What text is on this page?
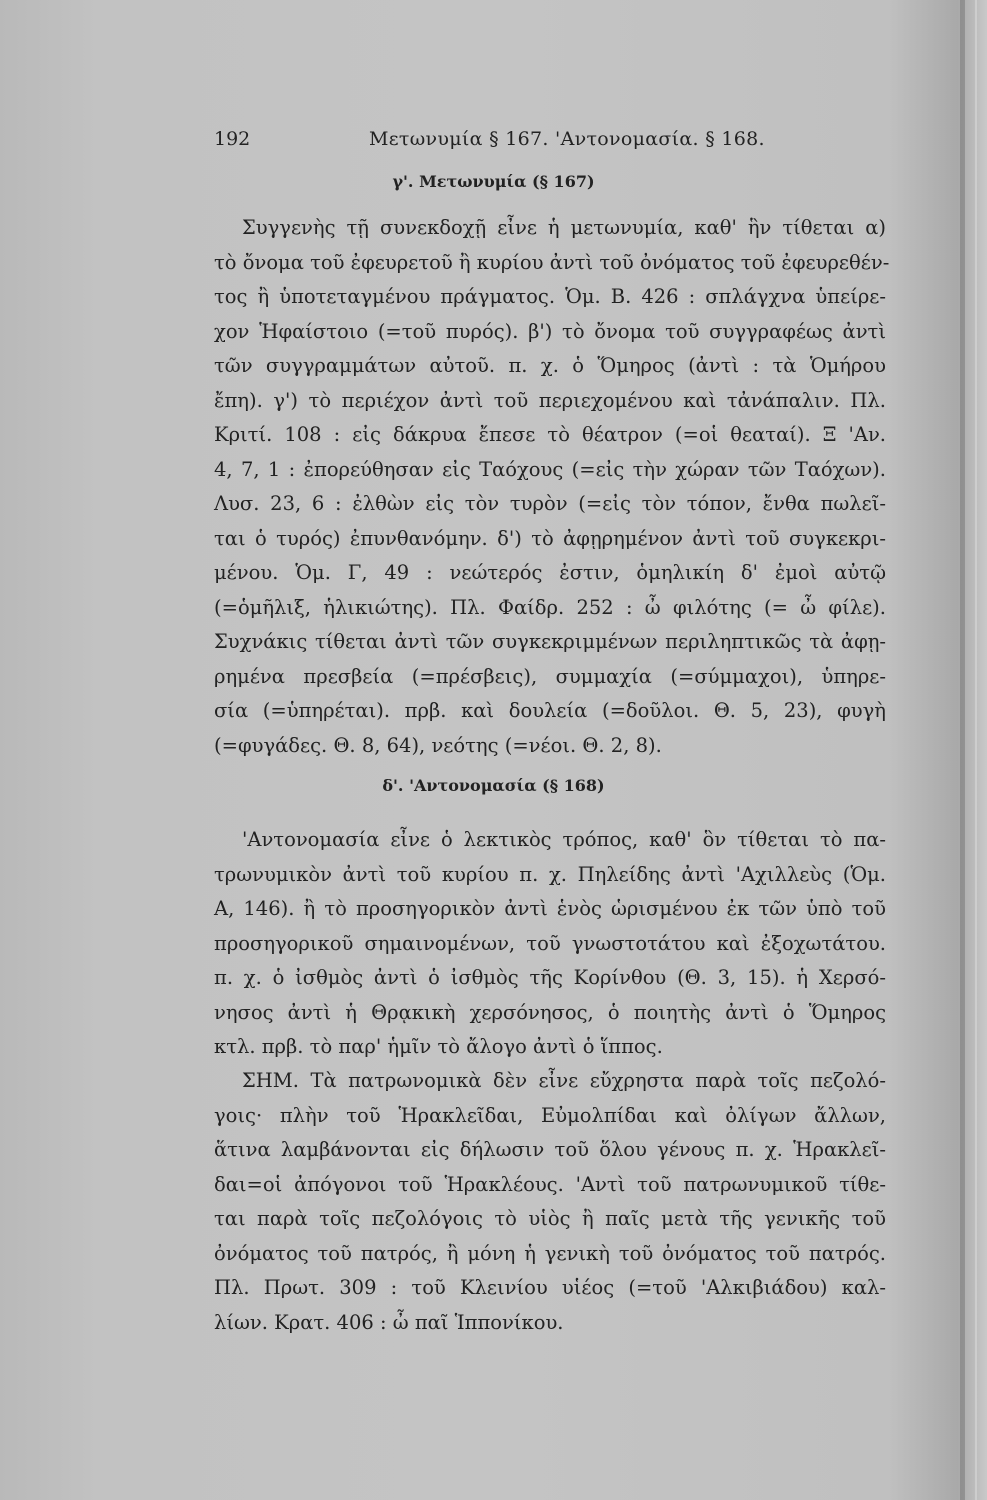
192	Μετωνυμία § 167. 'Αντονομασία. § 168.
γ'. Μετωνυμία (§ 167)
Συγγενὴς τῇ συνεκδοχῇ εἶνε ἡ μετωνυμία, καθ' ἣν τίθεται α)
τὸ ὄνομα τοῦ ἐφευρετοῦ ἢ κυρίου ἀντὶ τοῦ ὀνόματος τοῦ ἐφευρεθέν-
τος ἢ ὑποτεταγμένου πράγματος. Ὁμ. Β. 426 : σπλάγχνα ὑπείρε-
χον Ἡφαίστοιο (=τοῦ πυρός). β') τὸ ὄνομα τοῦ συγγραφέως ἀντὶ
τῶν συγγραμμάτων αὐτοῦ. π. χ. ὁ Ὅμηρος (ἀντὶ : τὰ Ὁμήρου
ἔπη). γ') τὸ περιέχον ἀντὶ τοῦ περιεχομένου καὶ τἀνάπαλιν. Πλ.
Κριτί. 108 : εἰς δάκρυα ἔπεσε τὸ θέατρον (=οἱ θεαταί). Ξ 'Αν.
4, 7, 1 : ἐπορεύθησαν εἰς Ταόχους (=εἰς τὴν χώραν τῶν Ταόχων).
Λυσ. 23, 6 : ἐλθὼν εἰς τὸν τυρὸν (=εἰς τὸν τόπον, ἔνθα πωλεῖ-
ται ὁ τυρός) ἐπυνθανόμην. δ') τὸ ἀφῃρημένον ἀντὶ τοῦ συγκεκρι-
μένου. Ὁμ. Γ, 49 : νεώτερός ἐστιν, ὁμηλικίη δ' ἐμοὶ αὐτῷ
(=ὁμῆλιξ, ἡλικιώτης). Πλ. Φαίδρ. 252 : ὦ φιλότης (= ὦ φίλε).
Συχνάκις τίθεται ἀντὶ τῶν συγκεκριμμένων περιληπτικῶς τὰ ἀφῃ-
ρημένα πρεσβεία (=πρέσβεις), συμμαχία (=σύμμαχοι), ὑπηρε-
σία (=ὑπηρέται). πρβ. καὶ δουλεία (=δοῦλοι. Θ. 5, 23), φυγὴ
(=φυγάδες. Θ. 8, 64), νεότης (=νέοι. Θ. 2, 8).
δ'. 'Αντονομασία (§ 168)
'Αντονομασία εἶνε ὁ λεκτικὸς τρόπος, καθ' ὃν τίθεται τὸ πα-
τρωνυμικὸν ἀντὶ τοῦ κυρίου π. χ. Πηλείδης ἀντὶ 'Αχιλλεὺς (Ὁμ.
Α, 146). ἢ τὸ προσηγορικὸν ἀντὶ ἑνὸς ὡρισμένου ἐκ τῶν ὑπὸ τοῦ
προσηγορικοῦ σημαινομένων, τοῦ γνωστοτάτου καὶ ἐξοχωτάτου.
π. χ. ὁ ἰσθμὸς ἀντὶ ὁ ἰσθμὸς τῆς Κορίνθου (Θ. 3, 15). ἡ Χερσό-
νησος ἀντὶ ἡ Θρᾳκικὴ χερσόνησος, ὁ ποιητὴς ἀντὶ ὁ Ὅμηρος
κτλ. πρβ. τὸ παρ' ἡμῖν τὸ ἄλογο ἀντὶ ὁ ἵππος.
ΣΗΜ. Τὰ πατρωνομικὰ δὲν εἶνε εὔχρηστα παρὰ τοῖς πεζολό-
γοις· πλὴν τοῦ Ἡρακλεῖδαι, Εὐμολπίδαι καὶ ὀλίγων ἄλλων,
ἅτινα λαμβάνονται εἰς δήλωσιν τοῦ ὅλου γένους π. χ. Ἡρακλεῖ-
δαι=οἱ ἀπόγονοι τοῦ Ἡρακλέους. 'Αντὶ τοῦ πατρωνυμικοῦ τίθε-
ται παρὰ τοῖς πεζολόγοις τὸ υἱὸς ἢ παῖς μετὰ τῆς γενικῆς τοῦ
ὀνόματος τοῦ πατρός, ἢ μόνη ἡ γενικὴ τοῦ ὀνόματος τοῦ πατρός.
Πλ. Πρωτ. 309 : τοῦ Κλεινίου υἱέος (=τοῦ 'Αλκιβιάδου) καλ-
λίων. Κρατ. 406 : ὦ παῖ Ἱππονίκου.
